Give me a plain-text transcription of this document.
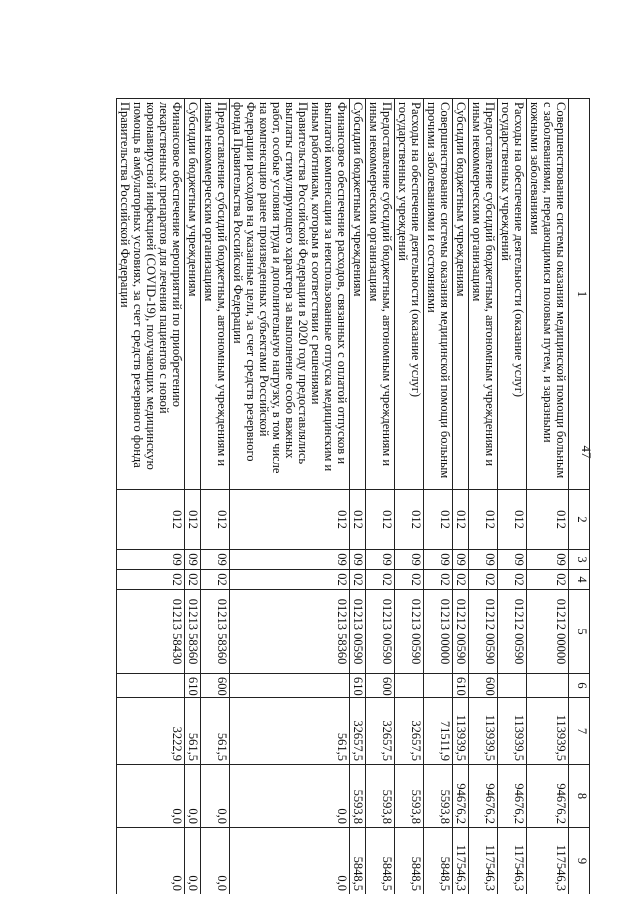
47
1	2	3	4	5	6	7	8	9
Совершенствование системы оказания медицинской помощи больным с заболеваниями, передающимися половым путем, и заразными кожными заболеваниями	012	09	02	01212 00000		113939,5	94676,2	117546,3
Расходы на обеспечение деятельности (оказание услуг) государственных учреждений	012	09	02	01212 00590		113939,5	94676,2	117546,3
Предоставление субсидий бюджетным, автономным учреждениям и иным некоммерческим организациям	012	09	02	01212 00590	600	113939,5	94676,2	117546,3
Субсидии бюджетным учреждениям	012	09	02	01212 00590	610	113939,5	94676,2	117546,3
Совершенствование системы оказания медицинской помощи больным прочими заболеваниями и состояниями	012	09	02	01213 00000		71511,9	5593,8	5848,5
Расходы на обеспечение деятельности (оказание услуг) государственных учреждений	012	09	02	01213 00590		32657,5	5593,8	5848,5
Предоставление субсидий бюджетным, автономным учреждениям и иным некоммерческим организациям	012	09	02	01213 00590	600	32657,5	5593,8	5848,5
Субсидии бюджетным учреждениям	012	09	02	01213 00590	610	32657,5	5593,8	5848,5
Финансовое обеспечение расходов, связанных с оплатой отпусков и выплатой компенсации за неиспользованные отпуска медицинским и иным работникам, которым в соответствии с решениями Правительства Российской Федерации в 2020 году предоставлялись выплаты стимулирующего характера за выполнение особо важных работ, особые условия труда и дополнительную нагрузку, в том числе на компенсацию ранее произведенных субъектами Российской Федерации расходов на указанные цели, за счет средств резервного фонда Правительства Российской Федерации	012	09	02	01213 58360		561,5	0,0	0,0
Предоставление субсидий бюджетным, автономным учреждениям и иным некоммерческим организациям	012	09	02	01213 58360	600	561,5	0,0	0,0
Субсидии бюджетным учреждениям	012	09	02	01213 58360	610	561,5	0,0	0,0
Финансовое обеспечение мероприятий по приобретению лекарственных препаратов для лечения пациентов с новой коронавирусной инфекцией (COVID-19), получающих медицинскую помощь в амбулаторных условиях, за счет средств резервного фонда Правительства Российской Федерации	012	09	02	01213 58430		3222,9	0,0	0,0
